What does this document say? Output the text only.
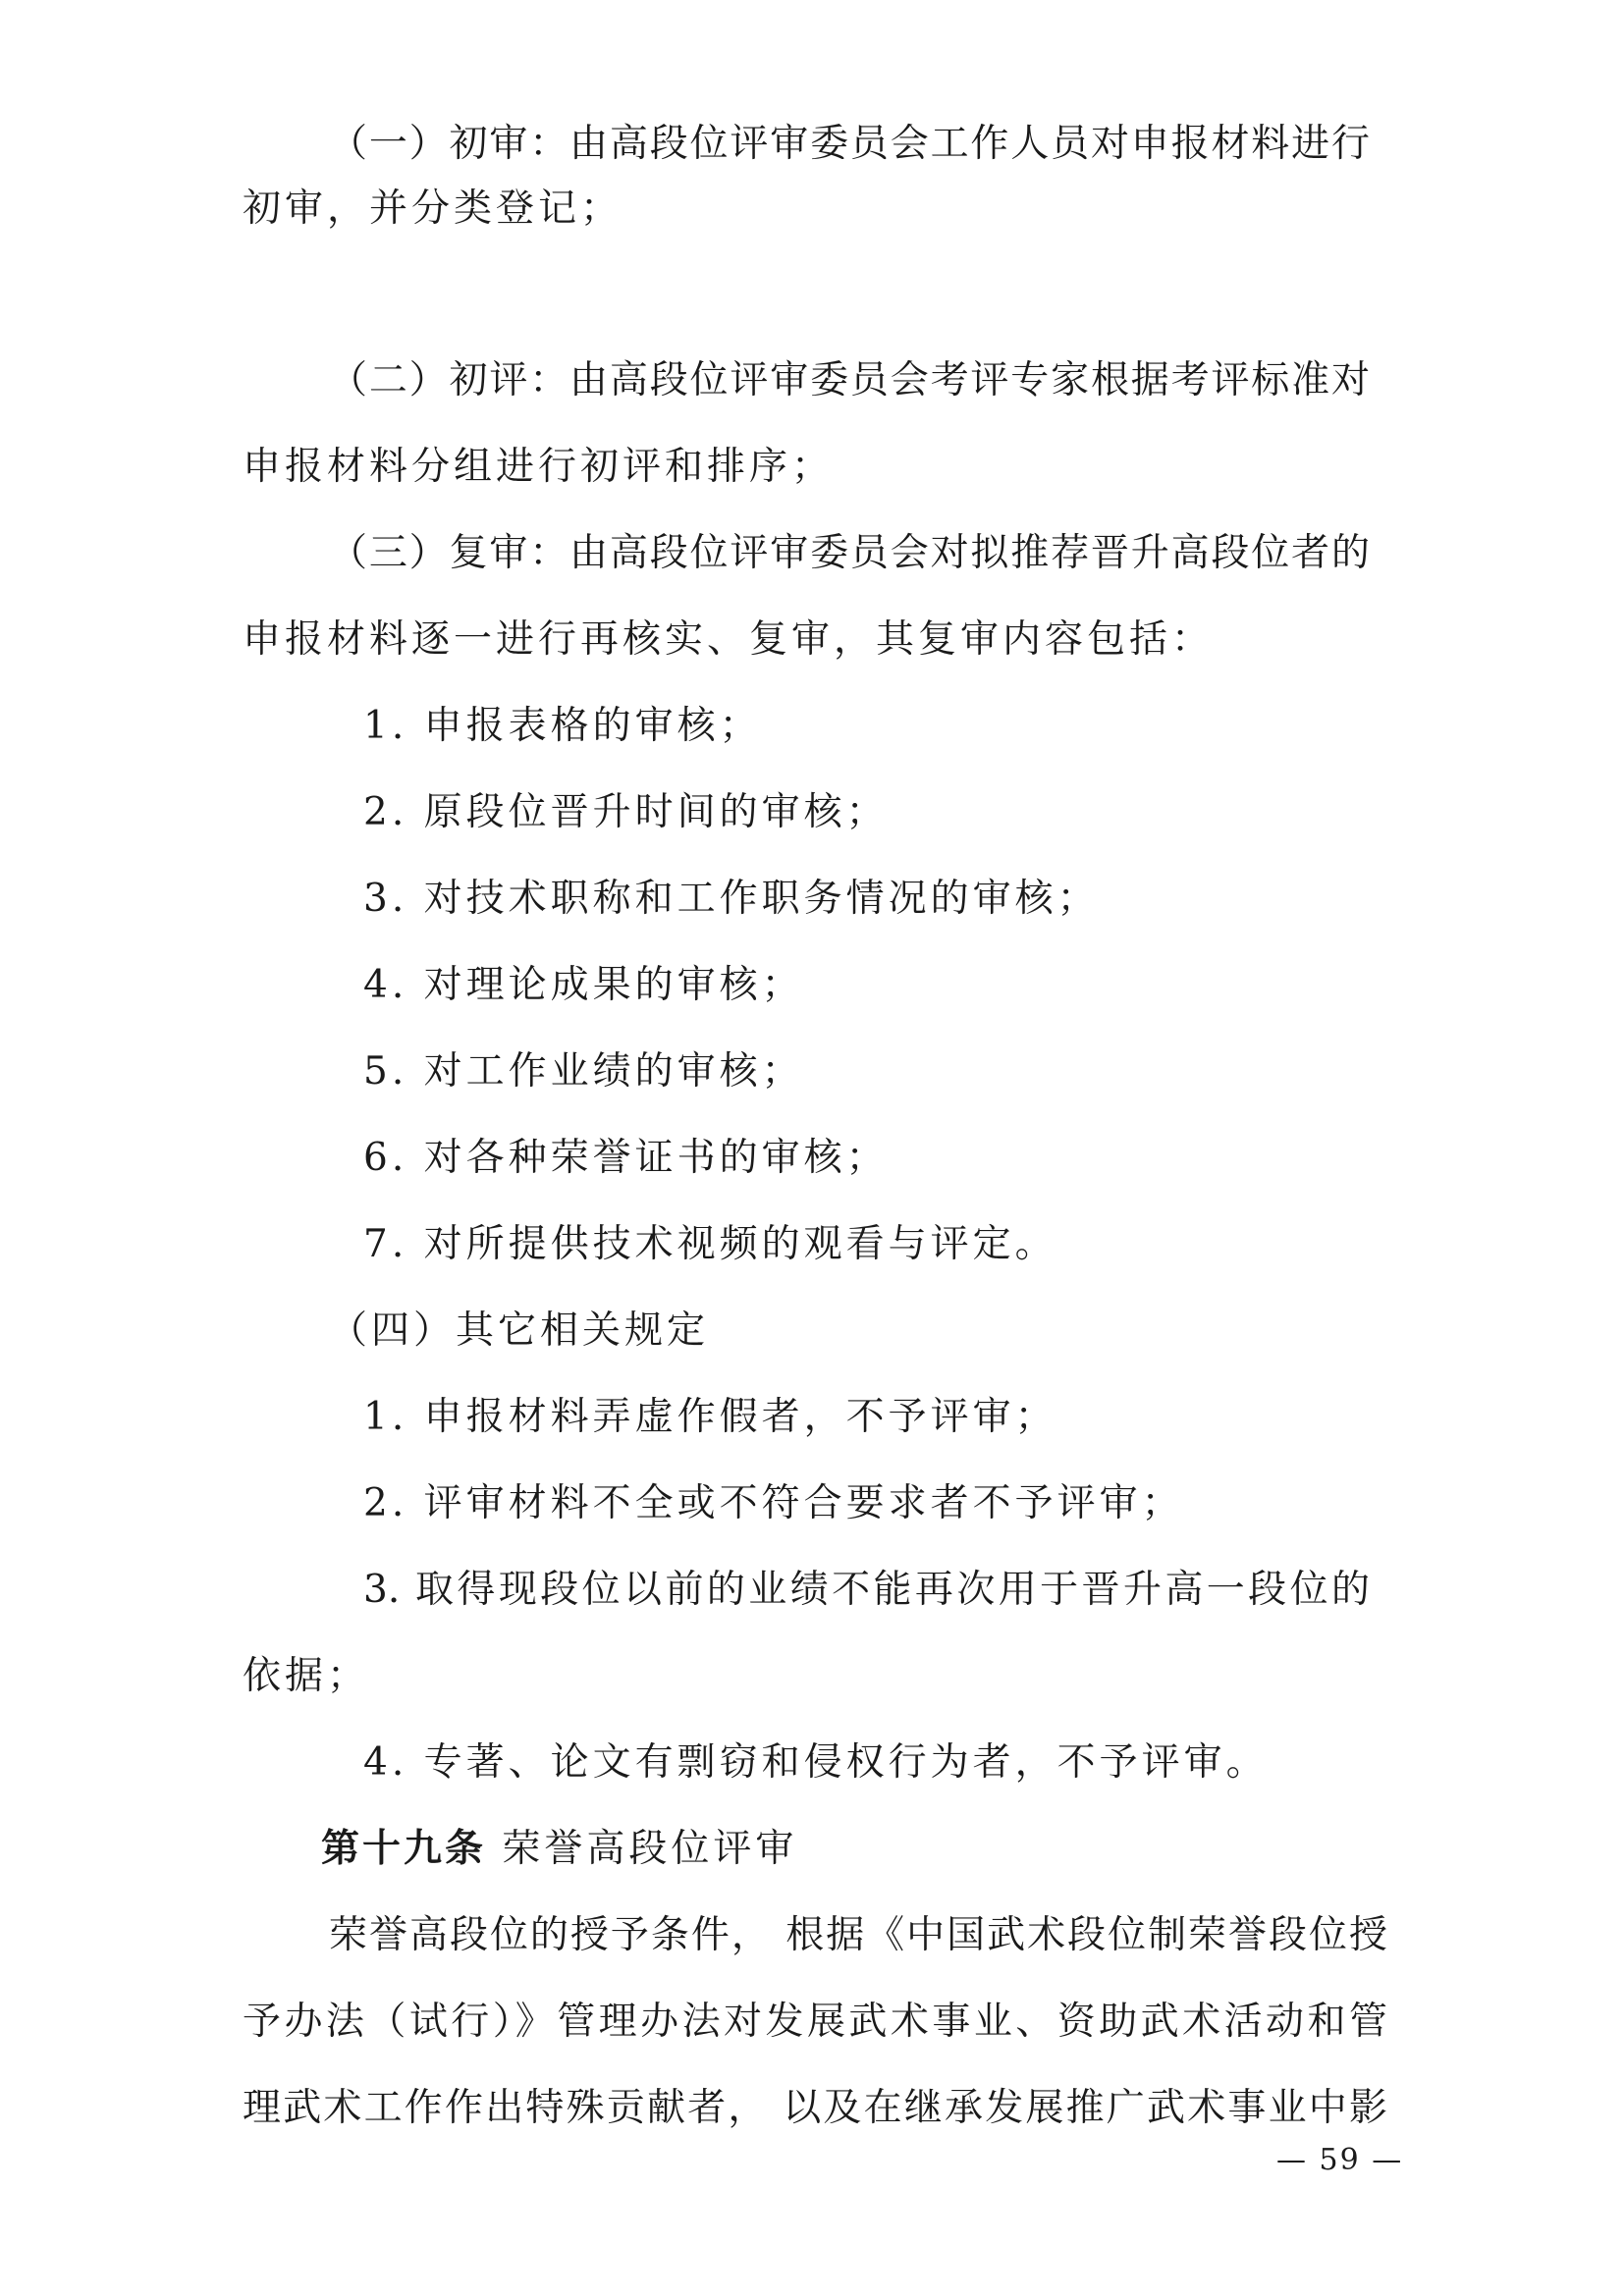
（一）初审：由高段位评审委员会工作人员对申报材料进行
初审，并分类登记；
（二）初评：由高段位评审委员会考评专家根据考评标准对
申报材料分组进行初评和排序；
（三）复审：由高段位评审委员会对拟推荐晋升高段位者的
申报材料逐一进行再核实、复审，其复审内容包括：
1. 申报表格的审核；
2. 原段位晋升时间的审核；
3. 对技术职称和工作职务情况的审核；
4. 对理论成果的审核；
5. 对工作业绩的审核；
6. 对各种荣誉证书的审核；
7. 对所提供技术视频的观看与评定。
（四）其它相关规定
1. 申报材料弄虚作假者，不予评审；
2. 评审材料不全或不符合要求者不予评审；
3. 取得现段位以前的业绩不能再次用于晋升高一段位的
依据；
4. 专著、论文有剽窃和侵权行为者，不予评审。
第十九条 荣誉高段位评审
荣誉高段位的授予条件， 根据《中国武术段位制荣誉段位授
予办法（试行）》管理办法对发展武术事业、资助武术活动和管
理武术工作作出特殊贡献者， 以及在继承发展推广武术事业中影
— 59 —
